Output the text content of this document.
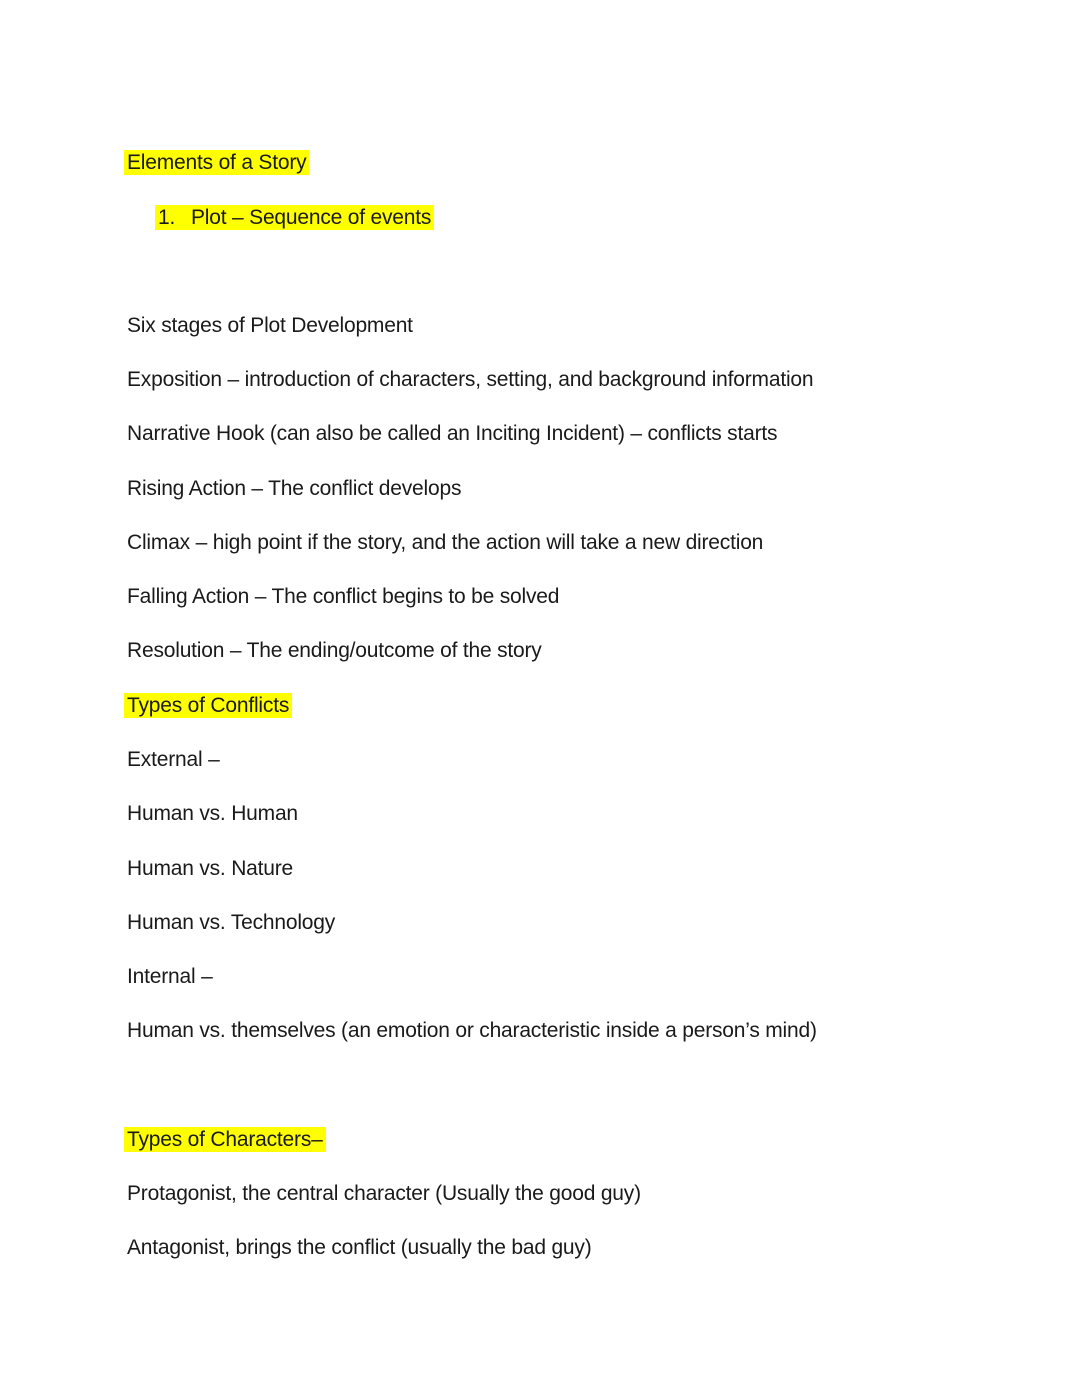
Elements of a Story
1. Plot – Sequence of events
Six stages of Plot Development
Exposition – introduction of characters, setting, and background information
Narrative Hook (can also be called an Inciting Incident) – conflicts starts
Rising Action – The conflict develops
Climax – high point if the story, and the action will take a new direction
Falling Action – The conflict begins to be solved
Resolution – The ending/outcome of the story
Types of Conflicts
External –
Human vs. Human
Human vs. Nature
Human vs. Technology
Internal –
Human vs. themselves (an emotion or characteristic inside a person’s mind)
Types of Characters–
Protagonist, the central character (Usually the good guy)
Antagonist, brings the conflict (usually the bad guy)
